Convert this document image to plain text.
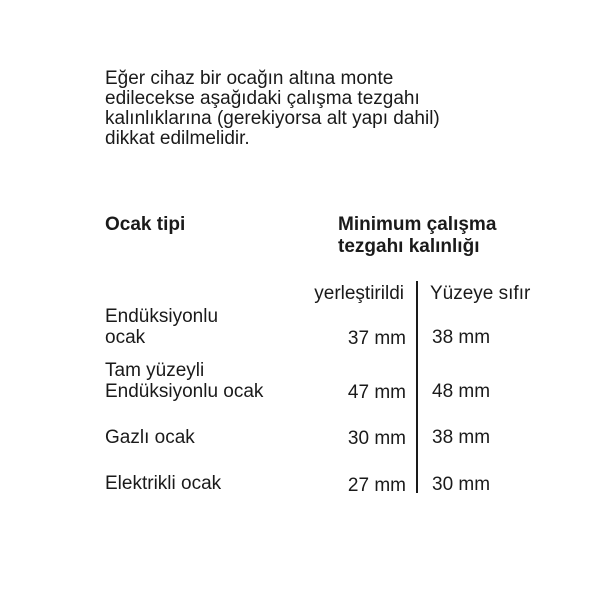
Eğer cihaz bir ocağın altına monte
edilecekse aşağıdaki çalışma tezgahı
kalınlıklarına (gerekiyorsa alt yapı dahil)
dikkat edilmelidir.
Ocak tipi	Minimum çalışma
tezgahı kalınlığı
yerleştirildi Yüzeye sıfır
Endüksiyonlu
ocak	37 mm 38 mm
Tam yüzeyli
Endüksiyonlu ocak	47 mm 48 mm
Gazlı ocak	30 mm 38 mm
Elektrikli ocak	27 mm 30 mm
